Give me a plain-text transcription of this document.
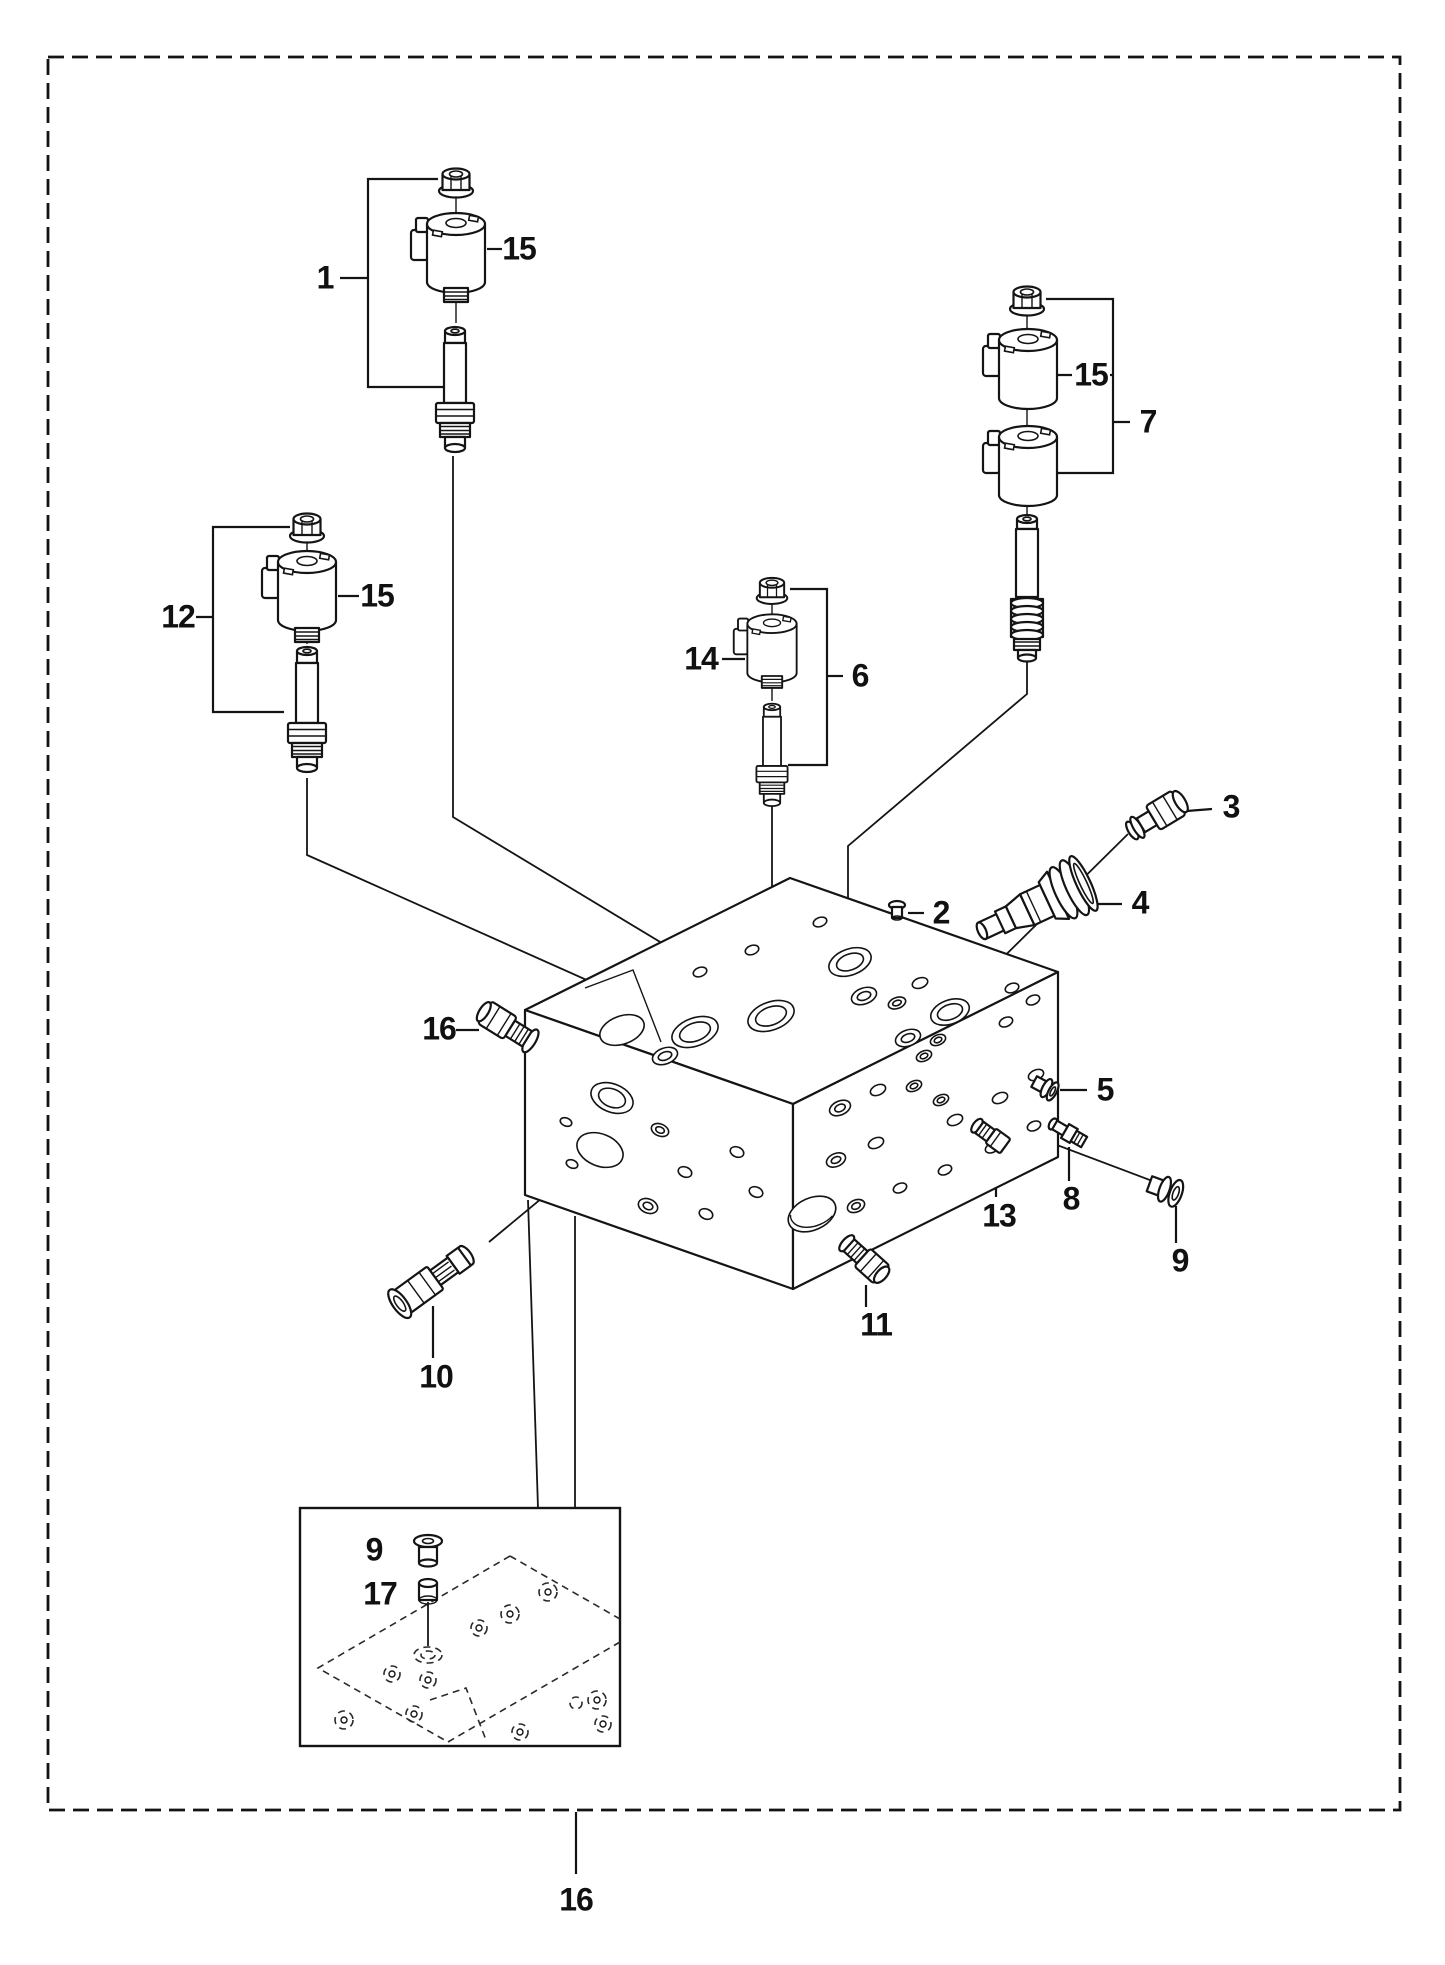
1
15
12
15
14	6
15
7
2
3
4
5
16
13 8
9
10
11
9
17
16
